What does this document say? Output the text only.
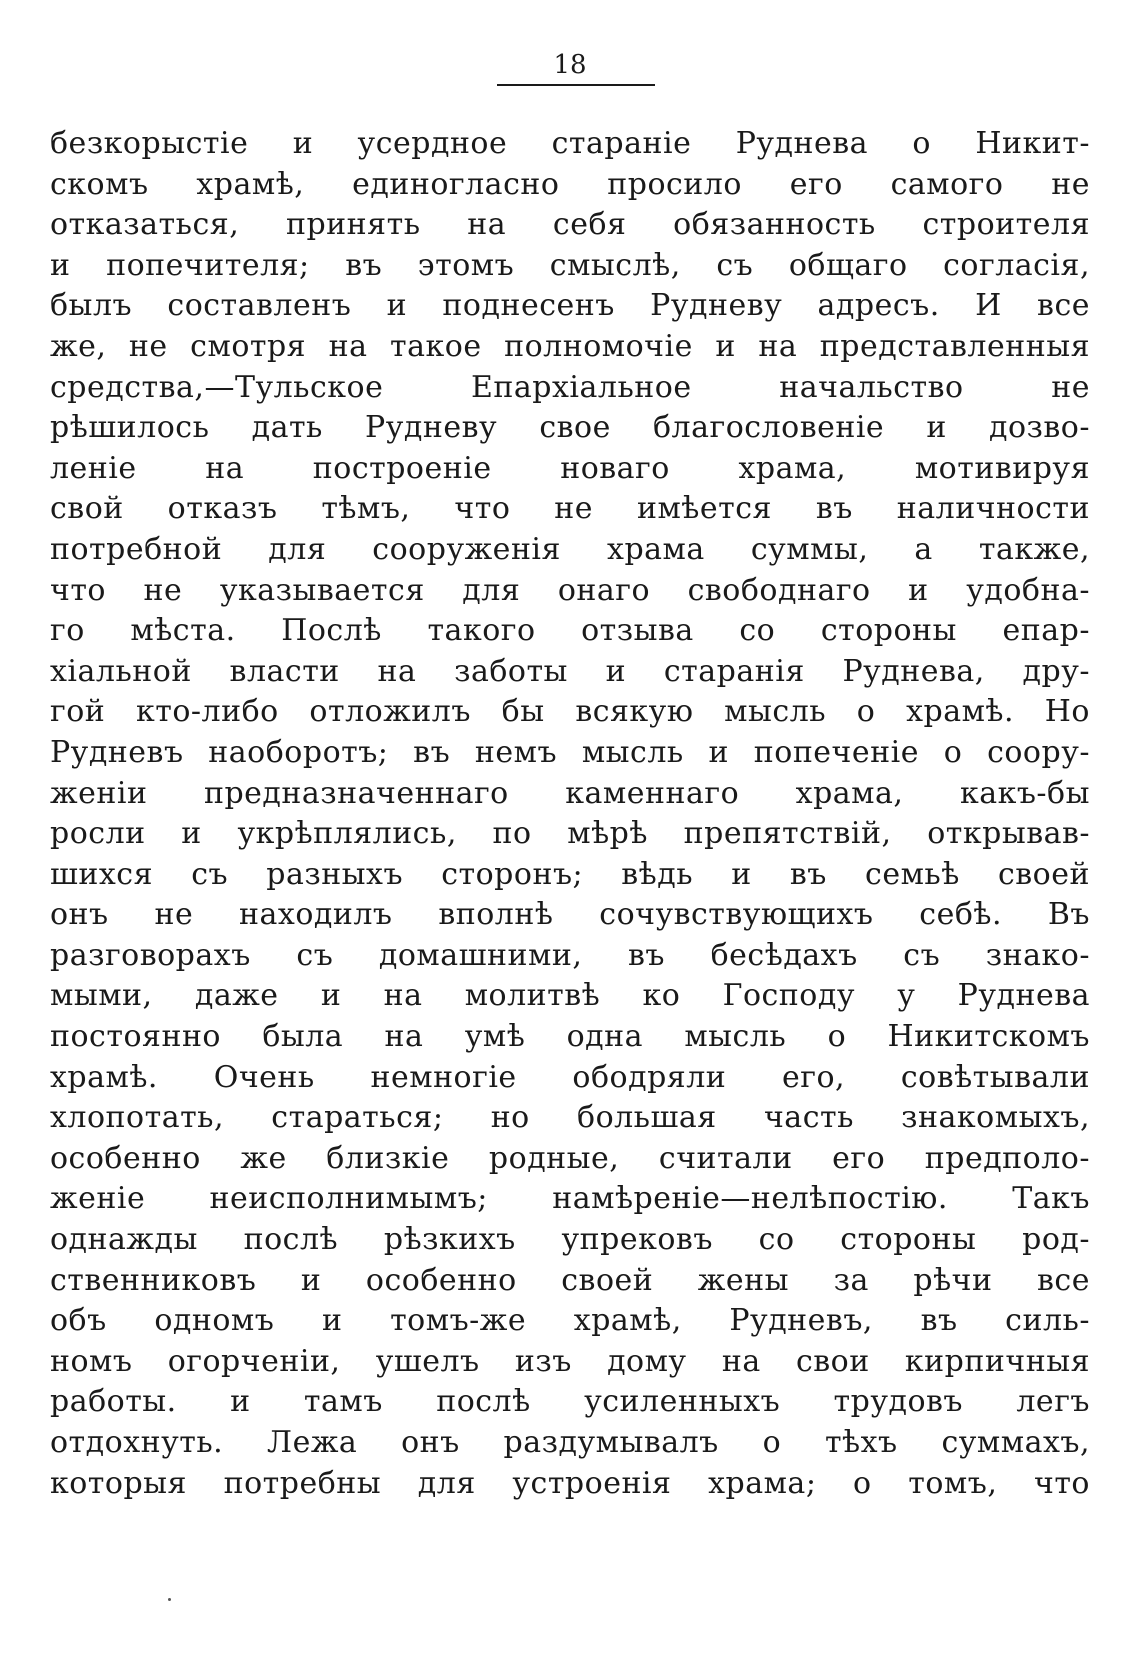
18
безкорыстіе и усердное стараніе Руднева о Никит-
скомъ храмѣ, единогласно просило его самого не
отказаться, принять на себя обязанность строителя
и попечителя; въ этомъ смыслѣ, съ общаго согласія,
былъ составленъ и поднесенъ Рудневу адресъ. И все
же, не смотря на такое полномочіе и на представленныя
средства,—Тульское Епархіальное начальство не
рѣшилось дать Рудневу свое благословеніе и дозво-
леніе на построеніе новаго храма, мотивируя
свой отказъ тѣмъ, что не имѣется въ наличности
потребной для сооруженія храма суммы, а также,
что не указывается для онаго свободнаго и удобна-
го мѣста. Послѣ такого отзыва со стороны епар-
хіальной власти на заботы и старанія Руднева, дру-
гой кто-либо отложилъ бы всякую мысль о храмѣ. Но
Рудневъ наоборотъ; въ немъ мысль и попеченіе о соору-
женіи предназначеннаго каменнаго храма, какъ-бы
росли и укрѣплялись, по мѣрѣ препятствій, открывав-
шихся съ разныхъ сторонъ; вѣдь и въ семьѣ своей
онъ не находилъ вполнѣ сочувствующихъ себѣ. Въ
разговорахъ съ домашними, въ бесѣдахъ съ знако-
мыми, даже и на молитвѣ ко Господу у Руднева
постоянно была на умѣ одна мысль о Никитскомъ
храмѣ. Очень немногіе ободряли его, совѣтывали
хлопотать, стараться; но большая часть знакомыхъ,
особенно же близкіе родные, считали его предполо-
женіе неисполнимымъ; намѣреніе—нелѣпостію. Такъ
однажды послѣ рѣзкихъ упрековъ со стороны род-
ственниковъ и особенно своей жены за рѣчи все
объ одномъ и томъ-же храмѣ, Рудневъ, въ силь-
номъ огорченіи, ушелъ изъ дому на свои кирпичныя
работы. и тамъ послѣ усиленныхъ трудовъ легъ
отдохнуть. Лежа онъ раздумывалъ о тѣхъ суммахъ,
которыя потребны для устроенія храма; о томъ, что
